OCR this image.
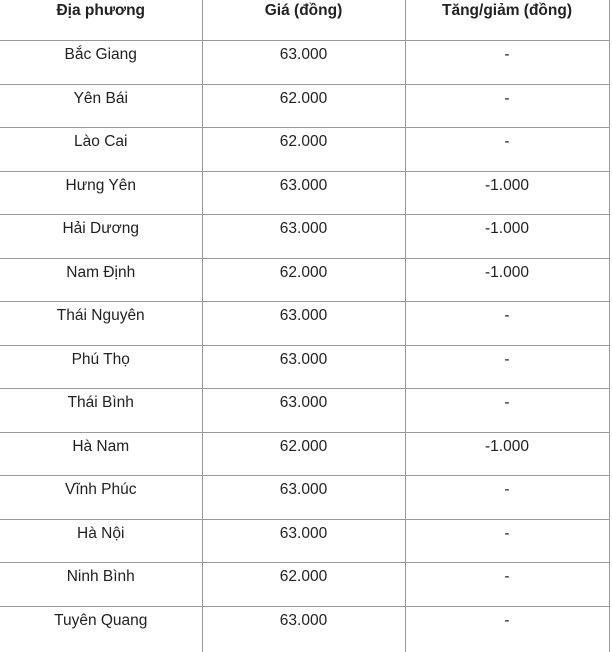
Địa phương	Giá (đồng)	Tăng/giảm (đồng)
Bắc Giang	63.000	-
Yên Bái	62.000	-
Lào Cai	62.000	-
Hưng Yên	63.000	-1.000
Hải Dương	63.000	-1.000
Nam Định	62.000	-1.000
Thái Nguyên	63.000	-
Phú Thọ	63.000	-
Thái Bình	63.000	-
Hà Nam	62.000	-1.000
Vĩnh Phúc	63.000	-
Hà Nội	63.000	-
Ninh Bình	62.000	-
Tuyên Quang	63.000	-
